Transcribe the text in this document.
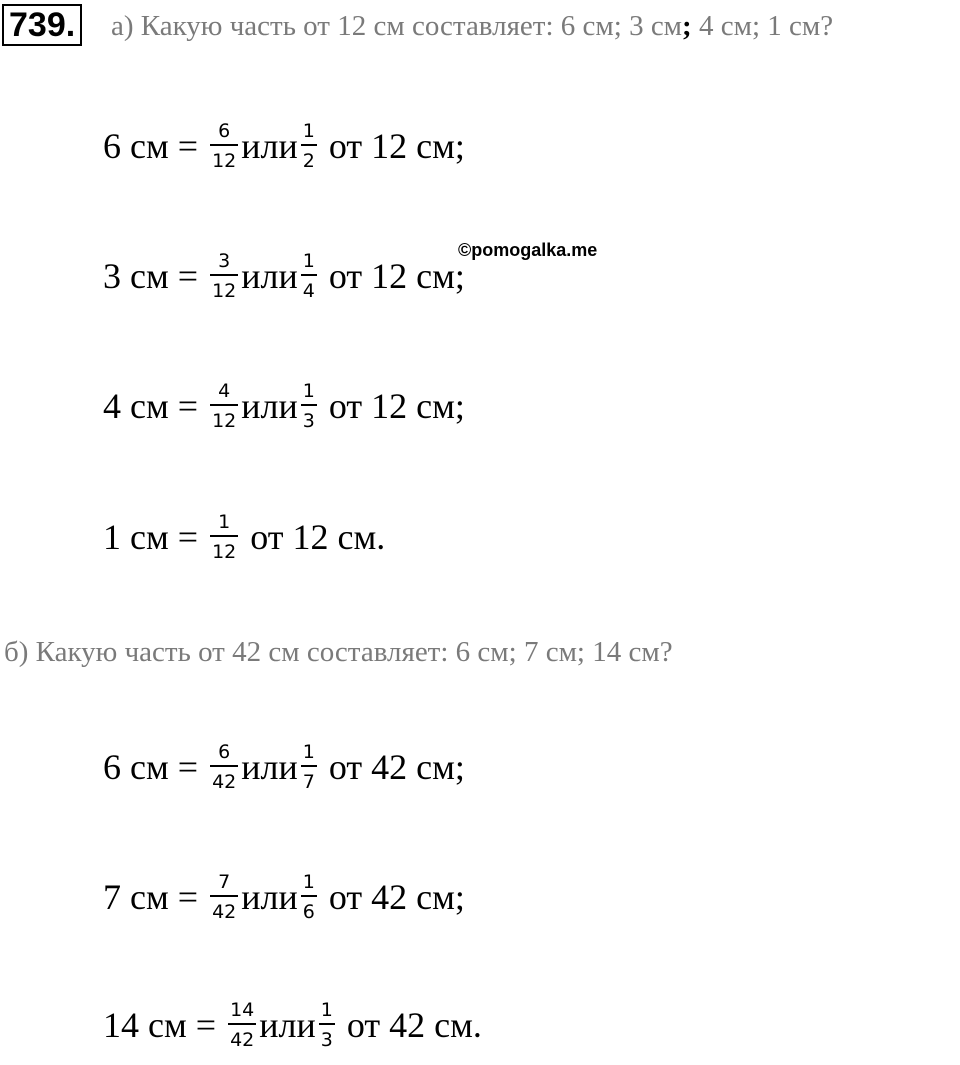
739. а) Какую часть от 12 см составляет: 6 см; 3 см; 4 см; 1 см?
6 см =
$\frac{6}{12}$ или $\frac{1}{2}$
от 12 см;
3 см =
$\frac{3}{12}$ или $\frac{1}{4}$
от 12 см;
©pomogalka.me
4 см =
$\frac{4}{12}$ или $\frac{1}{3}$
от 12 см;
1 см =
$\frac{1}{12}$
от 12 см.
б) Какую часть от 42 см составляет: 6 см; 7 см; 14 см?
6 см =
$\frac{6}{42}$ или $\frac{1}{7}$
от 42 см;
7 см =
$\frac{7}{42}$ или $\frac{1}{6}$
от 42 см;
14 см =
$\frac{14}{42}$ или $\frac{1}{3}$
от 42 см.
